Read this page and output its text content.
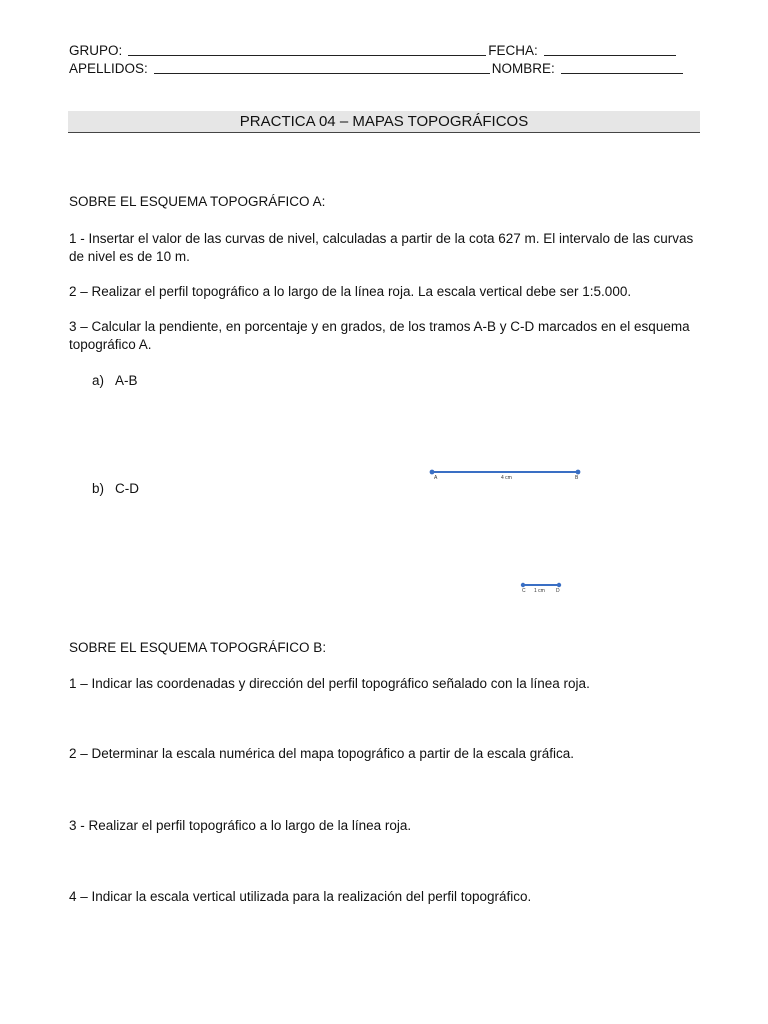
GRUPO:	FECHA:
APELLIDOS:	NOMBRE:
PRACTICA 04 – MAPAS TOPOGRÁFICOS

SOBRE EL ESQUEMA TOPOGRÁFICO A:

1 - Insertar el valor de las curvas de nivel, calculadas a partir de la cota 627 m. El intervalo de las curvas de nivel es de 10 m.

2 – Realizar el perfil topográfico a lo largo de la línea roja. La escala vertical debe ser 1:5.000.

3 – Calcular la pendiente, en porcentaje y en grados, de los tramos A-B y C-D marcados en el esquema topográfico A.

a) A-B
A	4 cm	B
b) C-D
C 1 cm D

SOBRE EL ESQUEMA TOPOGRÁFICO B:

1 – Indicar las coordenadas y dirección del perfil topográfico señalado con la línea roja.

2 – Determinar la escala numérica del mapa topográfico a partir de la escala gráfica.

3 - Realizar el perfil topográfico a lo largo de la línea roja.

4 – Indicar la escala vertical utilizada para la realización del perfil topográfico.
